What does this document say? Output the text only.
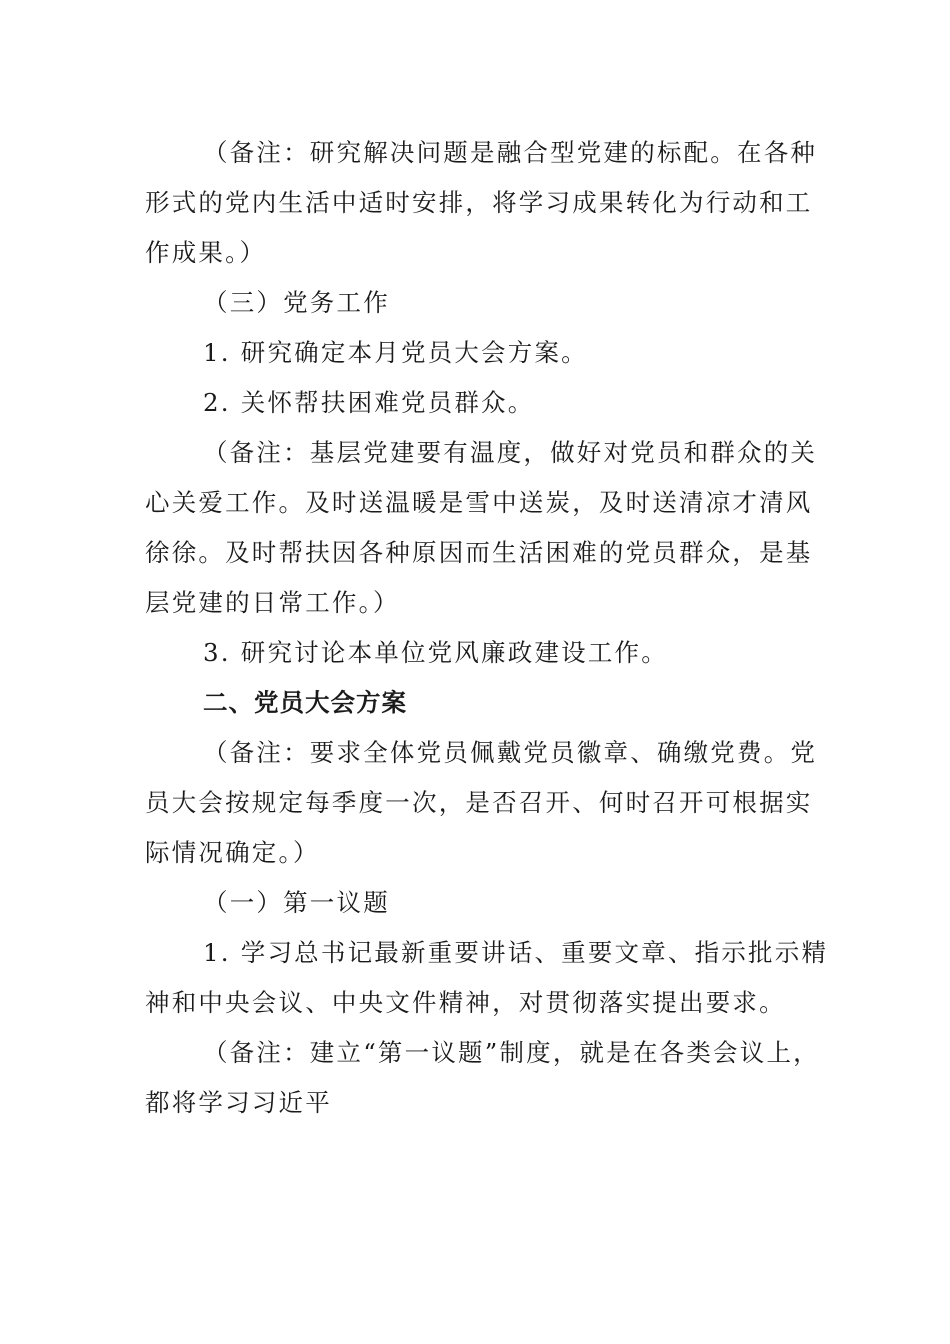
（备注：研究解决问题是融合型党建的标配。在各种
形式的党内生活中适时安排，将学习成果转化为行动和工
作成果。）
（三）党务工作
1. 研究确定本月党员大会方案。
2. 关怀帮扶困难党员群众。
（备注：基层党建要有温度，做好对党员和群众的关
心关爱工作。及时送温暖是雪中送炭，及时送清凉才清风
徐徐。及时帮扶因各种原因而生活困难的党员群众，是基
层党建的日常工作。）
3. 研究讨论本单位党风廉政建设工作。
二、党员大会方案
（备注：要求全体党员佩戴党员徽章、确缴党费。党
员大会按规定每季度一次，是否召开、何时召开可根据实
际情况确定。）
（一）第一议题
1. 学习总书记最新重要讲话、重要文章、指示批示精
神和中央会议、中央文件精神，对贯彻落实提出要求。
（备注：建立“第一议题”制度，就是在各类会议上，
都将学习习近平
